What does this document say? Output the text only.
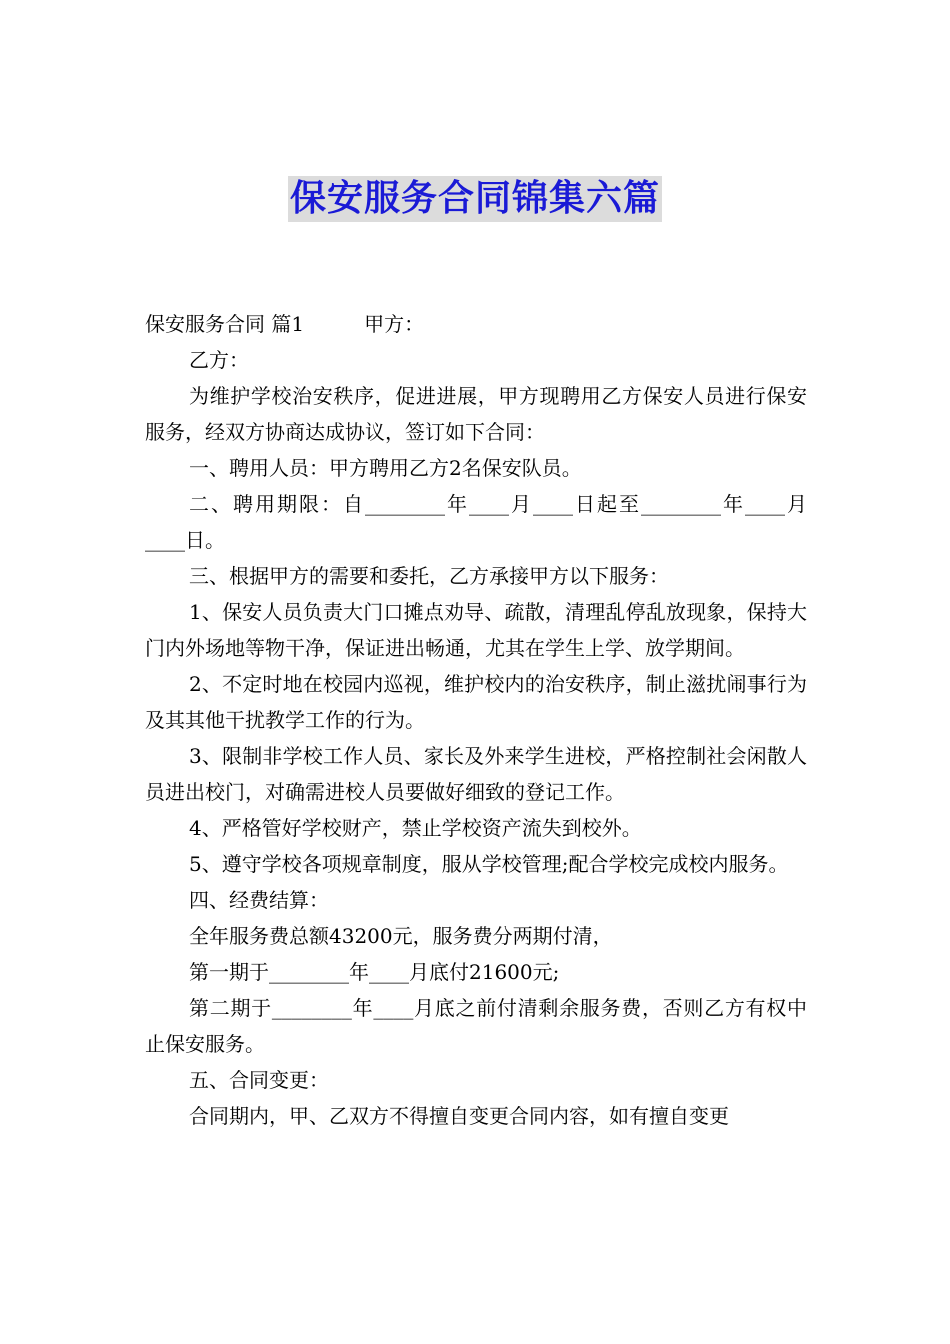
保安服务合同锦集六篇

保安服务合同 篇1	甲方：

乙方：

为维护学校治安秩序，促进进展，甲方现聘用乙方保安人员进行保安服务，经双方协商达成协议，签订如下合同：

一、聘用人员：甲方聘用乙方2名保安队员。

二、聘用期限：自________年____月____日起至________年____月____日。

三、根据甲方的需要和委托，乙方承接甲方以下服务：

1、保安人员负责大门口摊点劝导、疏散，清理乱停乱放现象，保持大门内外场地等物干净，保证进出畅通，尤其在学生上学、放学期间。

2、不定时地在校园内巡视，维护校内的治安秩序，制止滋扰闹事行为及其其他干扰教学工作的行为。

3、限制非学校工作人员、家长及外来学生进校，严格控制社会闲散人员进出校门，对确需进校人员要做好细致的登记工作。

4、严格管好学校财产，禁止学校资产流失到校外。

5、遵守学校各项规章制度，服从学校管理;配合学校完成校内服务。

四、经费结算：

全年服务费总额43200元，服务费分两期付清，

第一期于________年____月底付21600元;

第二期于________年____月底之前付清剩余服务费，否则乙方有权中止保安服务。

五、合同变更：

合同期内，甲、乙双方不得擅自变更合同内容，如有擅自变更
